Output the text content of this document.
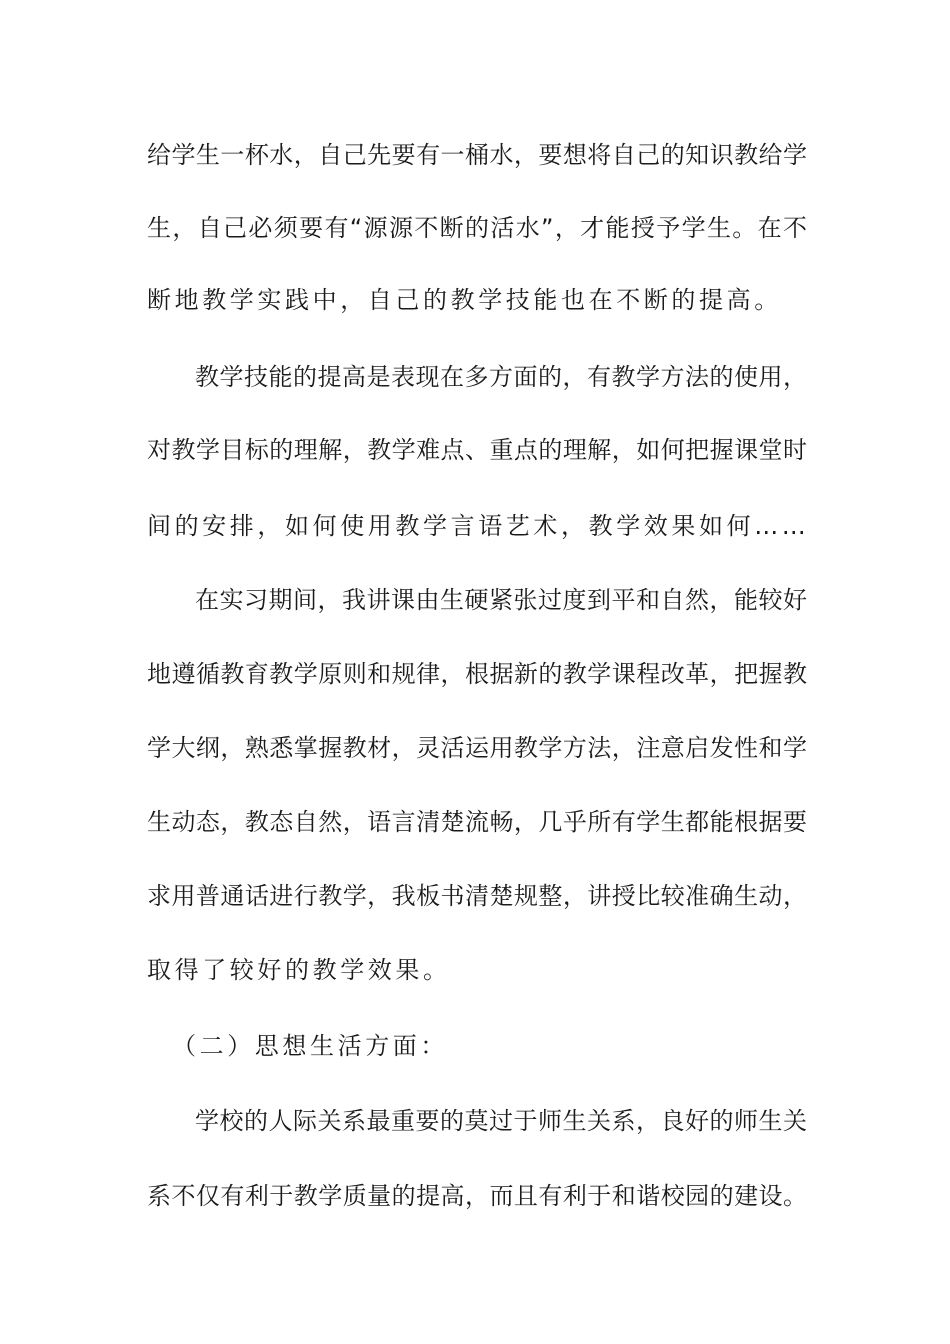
给学生一杯水，自己先要有一桶水，要想将自己的知识教给学

生，自己必须要有“源源不断的活水”，才能授予学生。在不

断地教学实践中，自己的教学技能也在不断的提高。

教学技能的提高是表现在多方面的，有教学方法的使用，

对教学目标的理解，教学难点、重点的理解，如何把握课堂时

间的安排，如何使用教学言语艺术，教学效果如何……

在实习期间，我讲课由生硬紧张过度到平和自然，能较好

地遵循教育教学原则和规律，根据新的教学课程改革，把握教

学大纲，熟悉掌握教材，灵活运用教学方法，注意启发性和学

生动态，教态自然，语言清楚流畅，几乎所有学生都能根据要

求用普通话进行教学，我板书清楚规整，讲授比较准确生动，

取得了较好的教学效果。

（二）思想生活方面：

学校的人际关系最重要的莫过于师生关系，良好的师生关

系不仅有利于教学质量的提高，而且有利于和谐校园的建设。
